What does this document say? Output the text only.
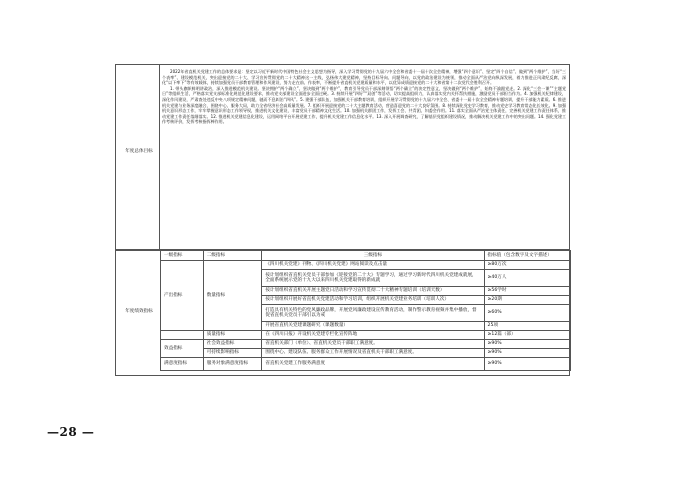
年度总体目标

2022年省直机关党建工作的总体要求是：坚定以习近平新时代中国特色社会主义思想为指导，深入学习贯彻党的十九届六中全会和省委十一届十次全会精神，增强“四个意识”、坚定“四个自信”、做到“两个维护”，当好“三个表率”、建设模范机关，突出迎接党的二十大、学习宣传贯彻党的二十大精神这一主线，弘扬伟大建党精神，坚持目标导向、问题导向，以党的政治建设为统领，推动全面从严治党向纵深发展，着力推进正风肃纪反腐，深化“以下率下”等有效载体，持续加强党员干部教育管理和作风建设，努力走在前、作表率，不断提升省直机关党建质量和水平，以优异成绩迎接党的二十大和省第十二次党代会胜利召开。

1. 带头旗帜鲜明讲政治，深入推进模范机关建设。坚决拥护“两个确立”、坚决做到“两个维护”，教育引导党员干部深刻领悟“两个确立”的决定性意义，坚决做到“两个维护”，始终不渝跟党走。2. 深化“三会一课”“主题党日”等组织生活，严格落实党支部标准化规范化建设要求，推动党支部建设全面进步全面过硬。3. 持续开展“四好”“双创”等活动，切实提高组织力，认真落实党内关怀帮扶措施，激励党员干部担当作为。4. 加强机关纪律建设，深化作风建设，严肃查处违反中央八项规定精神问题，驰而不息纠治“四风”。5. 建强干部队伍，加强机关干部教育培训，组织开展学习贯彻党的十九届六中全会、省委十一届十次全会精神专题培训，提升干部能力素质。6. 推进机关党建与业务深度融合，围绕中心、服务大局，助力全省经济社会高质量发展。7. 组织开展迎接党的二十大主题教育活动，营造喜迎党的二十大良好氛围。8. 持续深化党史学习教育，推动党史学习教育常态化长效化。9. 加强机关意识形态工作，牢牢掌握意识形态工作领导权，推进机关文化建设，丰富党员干部精神文化生活。10. 加强机关群团工作，发挥工会、共青团、妇委会作用。11. 落实全面从严治党主体责任，完善机关党建工作责任体系，推动党建工作责任落细落实。12. 推进机关党建信息化建设，运用网络平台开展党建工作，提升机关党建工作信息化水平。13. 深入开展调查研究，了解基层党组织建设情况，推动解决机关党建工作中的突出问题。14. 强化党建工作考核评价，发挥考核指挥棒作用。

年度绩效指标
一级指标	二级指标	三级指标	指标值（包含数字及文字描述）
产出指标	数量指标	《四川机关党建》刊物、《四川机关党建》网站阅读及点击量	≥80万次
		按计划组织省直机关党员干部参加《迎接党的二十大》专题学习，通过学习新时代四川机关党建成就展，全面系统展示党的十九大以来四川机关党建取得的新成就	≥40万人
		按计划组织省直机关开展主题党日活动和学习宣传贯彻二十大精神专题培训（培训天数）	≥56学时
		按计划组织开展好省直机关党建活动和学习培训，组织开展机关党建业务培训（培训人次）	≥20期
		打造具有机关特色的党风廉政品牌，开展党风廉政建设宣传教育活动，制作警示教育视频并集中播放，督促省直机关党员干部引以为戒	≥60%
		开展省直机关党建课题研究（课题数量）	25项
	质量指标	在《四川日报》开设机关党建专栏化宣传阵地	≥12篇（部）
效益指标	社会效益指标	省直机关部门（单位）、省直机关党员干部职工满意度。	≥90%
	可持续影响指标	围绕中心、建设队伍、服务群众工作开展情况及省直机关干部职工满意度。	≥90%
满意度指标	服务对象满意度指标	省直机关党建工作服务满意度	≥90%
—28 —
